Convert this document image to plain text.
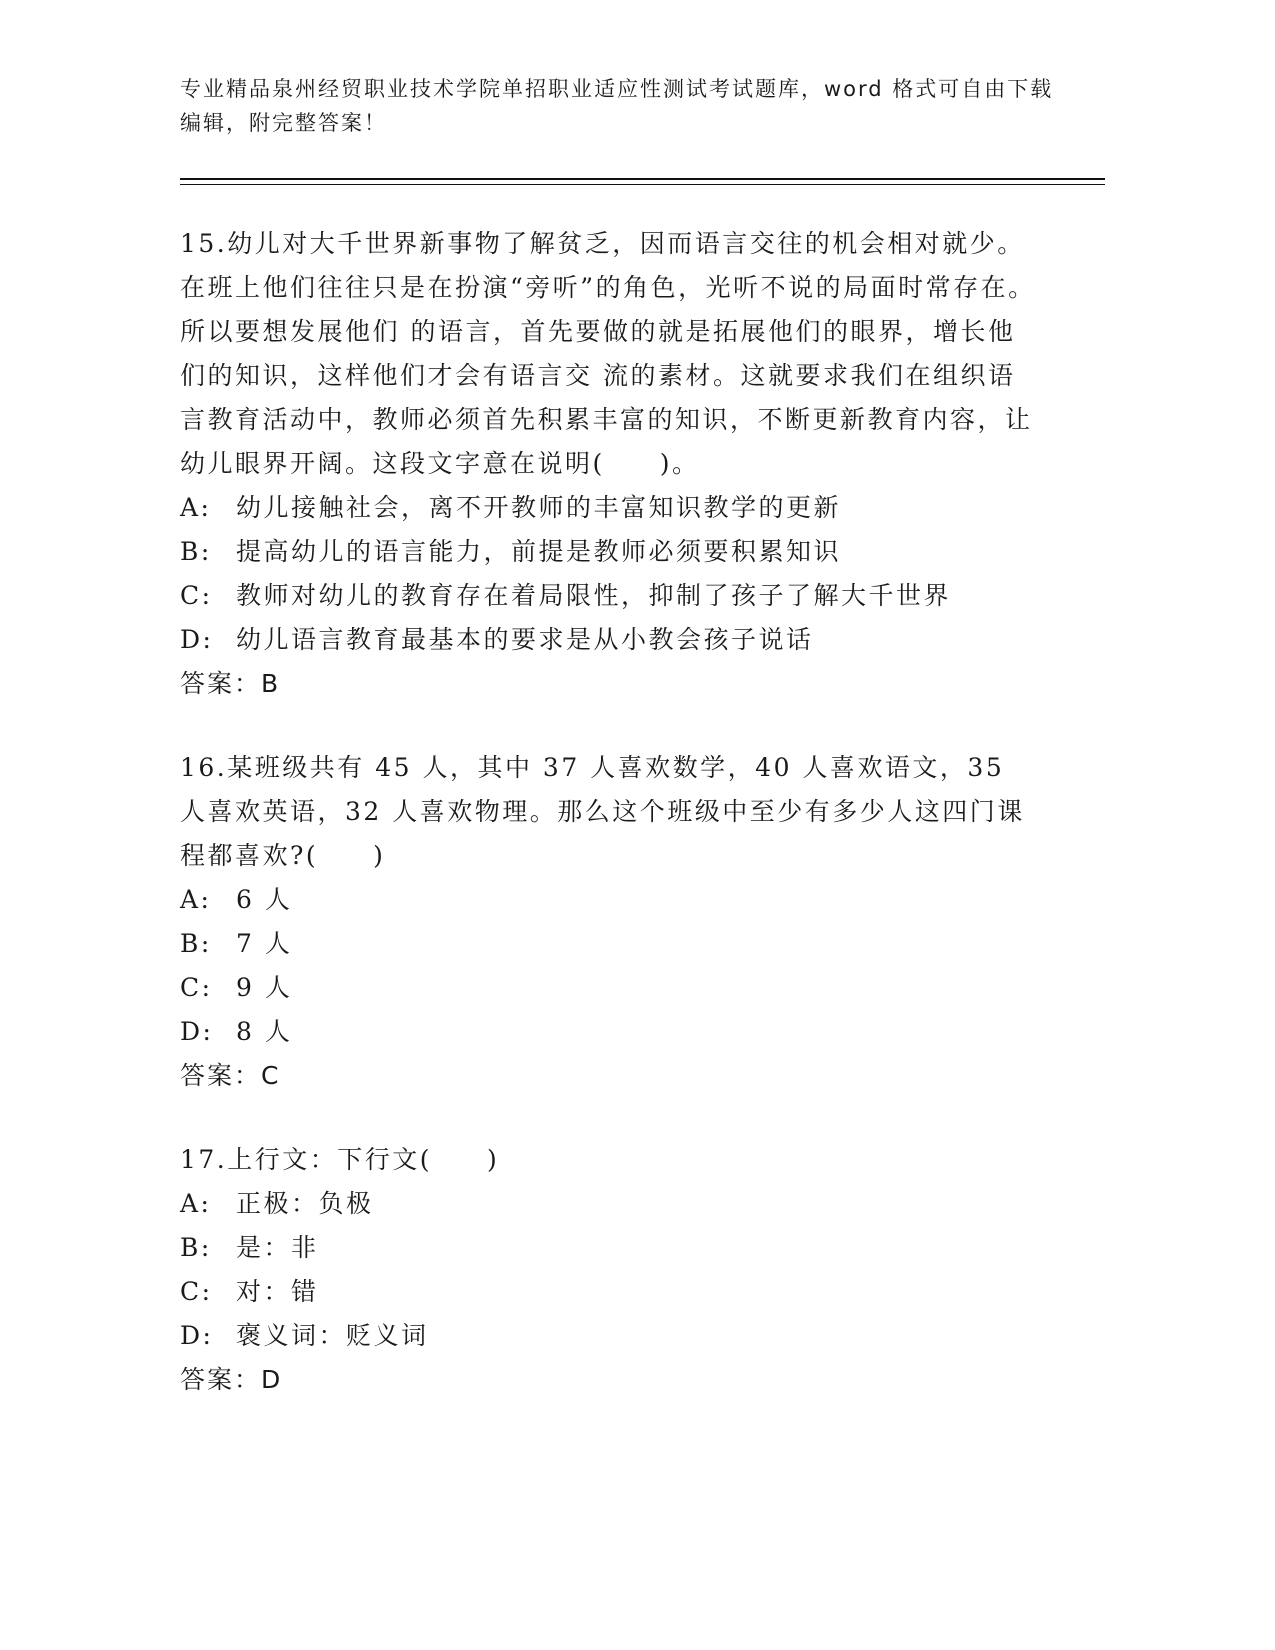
专业精品泉州经贸职业技术学院单招职业适应性测试考试题库，word 格式可自由下载编辑，附完整答案！
15.幼儿对大千世界新事物了解贫乏，因而语言交往的机会相对就少。在班上他们往往只是在扮演“旁听”的角色，光听不说的局面时常存在。所以要想发展他们 的语言，首先要做的就是拓展他们的眼界，增长他们的知识，这样他们才会有语言交 流的素材。这就要求我们在组织语言教育活动中，教师必须首先积累丰富的知识，不断更新教育内容，让幼儿眼界开阔。这段文字意在说明(　　)。
A: 幼儿接触社会，离不开教师的丰富知识教学的更新
B: 提高幼儿的语言能力，前提是教师必须要积累知识
C: 教师对幼儿的教育存在着局限性，抑制了孩子了解大千世界
D: 幼儿语言教育最基本的要求是从小教会孩子说话
答案：B
16.某班级共有 45 人，其中 37 人喜欢数学，40 人喜欢语文，35 人喜欢英语，32 人喜欢物理。那么这个班级中至少有多少人这四门课程都喜欢?(　　)
A: 6 人
B: 7 人
C: 9 人
D: 8 人
答案：C
17.上行文：下行文(　　)
A: 正极：负极
B: 是：非
C: 对：错
D: 褒义词：贬义词
答案：D
